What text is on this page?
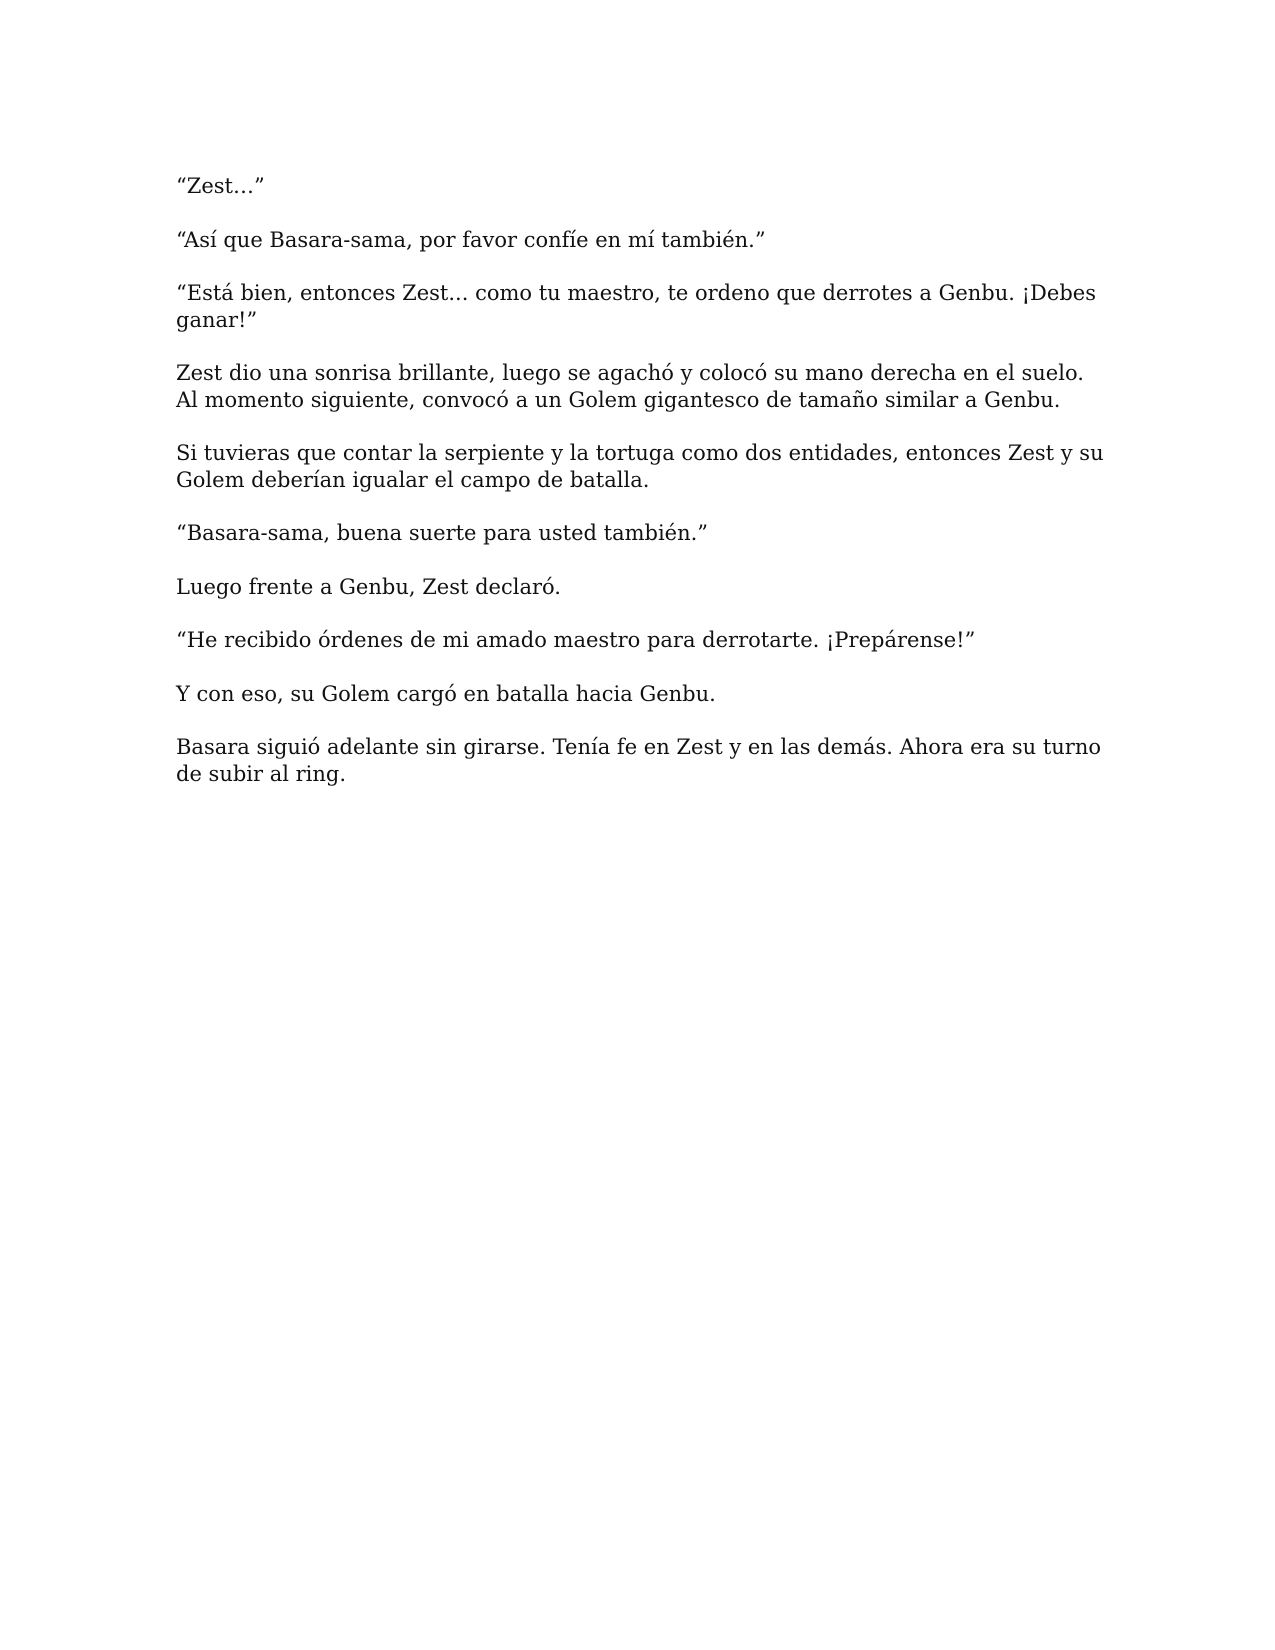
“Zest…”

“Así que Basara-sama, por favor confíe en mí también.”

“Está bien, entonces Zest... como tu maestro, te ordeno que derrotes a Genbu. ¡Debes ganar!”

Zest dio una sonrisa brillante, luego se agachó y colocó su mano derecha en el suelo. Al momento siguiente, convocó a un Golem gigantesco de tamaño similar a Genbu.

Si tuvieras que contar la serpiente y la tortuga como dos entidades, entonces Zest y su Golem deberían igualar el campo de batalla.

“Basara-sama, buena suerte para usted también.”

Luego frente a Genbu, Zest declaró.

“He recibido órdenes de mi amado maestro para derrotarte. ¡Prepárense!”

Y con eso, su Golem cargó en batalla hacia Genbu.

Basara siguió adelante sin girarse. Tenía fe en Zest y en las demás. Ahora era su turno de subir al ring.
